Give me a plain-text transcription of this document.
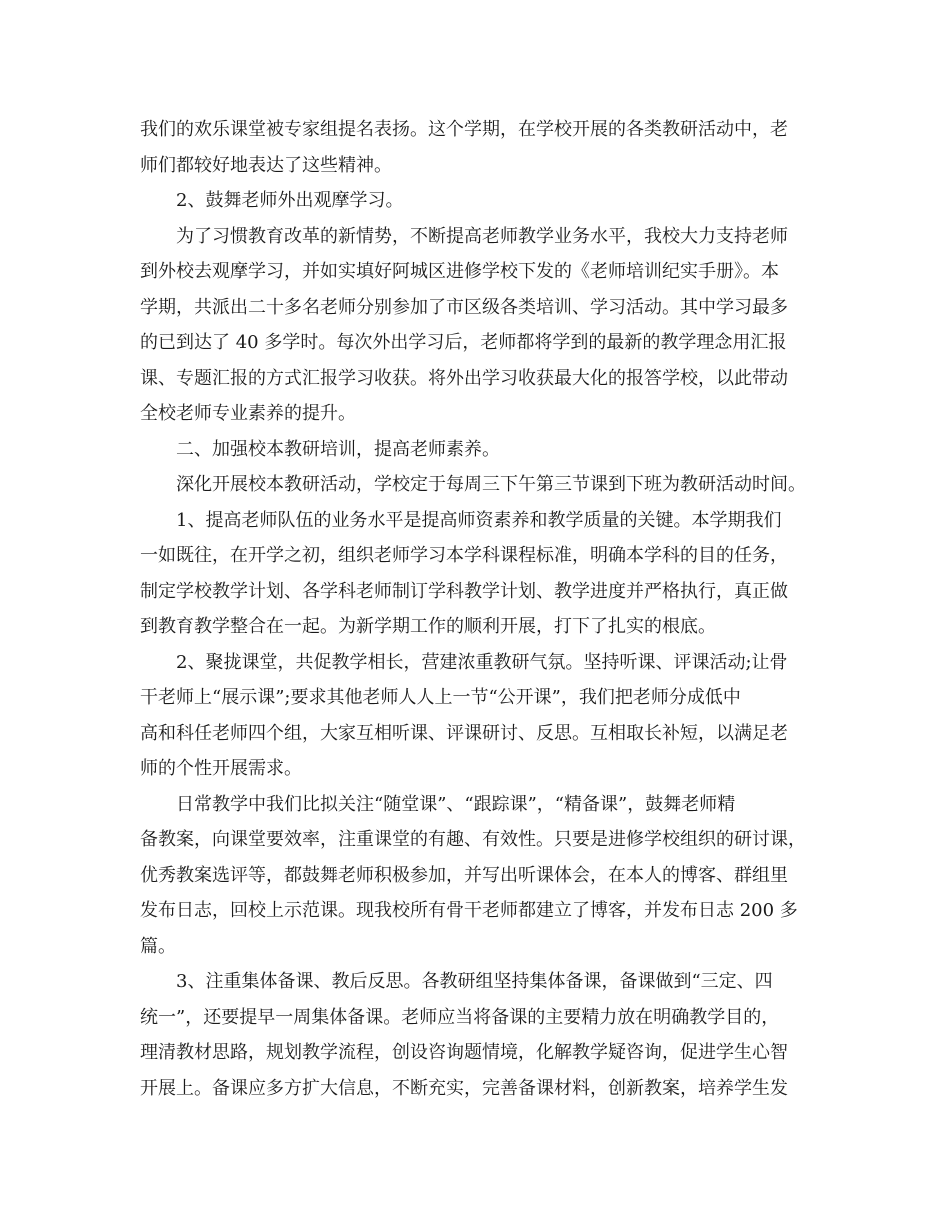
我们的欢乐课堂被专家组提名表扬。这个学期，在学校开展的各类教研活动中，老
师们都较好地表达了这些精神。
2、鼓舞老师外出观摩学习。
为了习惯教育改革的新情势，不断提高老师教学业务水平，我校大力支持老师
到外校去观摩学习，并如实填好阿城区进修学校下发的《老师培训纪实手册》。本
学期，共派出二十多名老师分别参加了市区级各类培训、学习活动。其中学习最多
的已到达了 40 多学时。每次外出学习后，老师都将学到的最新的教学理念用汇报
课、专题汇报的方式汇报学习收获。将外出学习收获最大化的报答学校，以此带动
全校老师专业素养的提升。
二、加强校本教研培训，提高老师素养。
深化开展校本教研活动，学校定于每周三下午第三节课到下班为教研活动时间。
1、提高老师队伍的业务水平是提高师资素养和教学质量的关键。本学期我们
一如既往，在开学之初，组织老师学习本学科课程标准，明确本学科的目的任务，
制定学校教学计划、各学科老师制订学科教学计划、教学进度并严格执行，真正做
到教育教学整合在一起。为新学期工作的顺利开展，打下了扎实的根底。
2、聚拢课堂，共促教学相长，营建浓重教研气氛。坚持听课、评课活动;让骨
干老师上“展示课”;要求其他老师人人上一节“公开课”，我们把老师分成低中
高和科任老师四个组，大家互相听课、评课研讨、反思。互相取长补短，以满足老
师的个性开展需求。
日常教学中我们比拟关注“随堂课”、“跟踪课”，“精备课”，鼓舞老师精
备教案，向课堂要效率，注重课堂的有趣、有效性。只要是进修学校组织的研讨课，
优秀教案选评等，都鼓舞老师积极参加，并写出听课体会，在本人的博客、群组里
发布日志，回校上示范课。现我校所有骨干老师都建立了博客，并发布日志 200 多
篇。
3、注重集体备课、教后反思。各教研组坚持集体备课，备课做到“三定、四
统一”，还要提早一周集体备课。老师应当将备课的主要精力放在明确教学目的，
理清教材思路，规划教学流程，创设咨询题情境，化解教学疑咨询，促进学生心智
开展上。备课应多方扩大信息，不断充实，完善备课材料，创新教案，培养学生发
